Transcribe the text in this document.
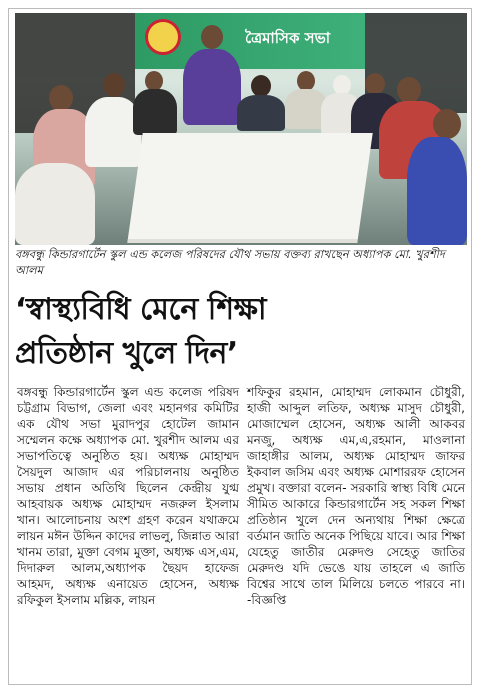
ত্রৈমাসিক সভা
বঙ্গবন্ধু কিন্ডারগার্টেন স্কুল এন্ড কলেজ পরিষদের যৌথ সভায় বক্তব্য রাখছেন অধ্যাপক মো. খুরশীদ আলম
‘স্বাস্থ্যবিধি মেনে শিক্ষা
প্রতিষ্ঠান খুলে দিন’

বঙ্গবন্ধু কিন্ডারগার্টেন স্কুল এন্ড কলেজ পরিষদ চট্টগ্রাম বিভাগ, জেলা এবং মহানগর কমিটির এক যৌথ সভা মুরাদপুর হোটেল জামান সম্মেলন কক্ষে অধ্যাপক মো. খুরশীদ আলম এর সভাপতিত্বে অনুষ্ঠিত হয়। অধ্যক্ষ মোহাম্মদ সৈয়দুল আজাদ এর পরিচালনায় অনুষ্ঠিত সভায় প্রধান অতিথি ছিলেন কেন্দ্রীয় যুগ্ম আহবায়ক অধ্যক্ষ মোহাম্মদ নজরুল ইসলাম খান। আলোচনায় অংশ গ্রহণ করেন যথাক্রমে লায়ন মঈন উদ্দিন কাদের লাভলু, জিন্নাত আরা খানম তারা, মুক্তা বেগম মুক্তা, অধ্যক্ষ এস,এম, দিদারুল আলম,অধ্যাপক ছৈয়দ হাফেজ আহমদ, অধ্যক্ষ এনায়েত হোসেন, অধ্যক্ষ রফিকুল ইসলাম মল্লিক, লায়ন

শফিকুর রহমান, মোহাম্মদ লোকমান চৌধুরী, হাজী আব্দুল লতিফ, অধ্যক্ষ মাসুদ চৌধুরী, মোজাম্মেল হোসেন, অধ্যক্ষ আলী আকবর মনজু, অধ্যক্ষ এম,এ,রহমান, মাওলানা জাহাঙ্গীর আলম, অধ্যক্ষ মোহাম্মদ জাফর ইকবাল জসিম এবং অধ্যক্ষ মোশাররফ হোসেন প্রমুখ। বক্তারা বলেন- সরকারি স্বাস্থ্য বিধি মেনে সীমিত আকারে কিন্ডারগার্টেন সহ সকল শিক্ষা প্রতিষ্ঠান খুলে দেন অন্যথায় শিক্ষা ক্ষেত্রে বর্তমান জাতি অনেক পিছিয়ে যাবে। আর শিক্ষা যেহেতু জাতীর মেরুদণ্ড সেহেতু জাতির মেরুদণ্ড যদি ভেঙে যায় তাহলে এ জাতি বিশ্বের সাথে তাল মিলিয়ে চলতে পারবে না। -বিজ্ঞপ্তি
